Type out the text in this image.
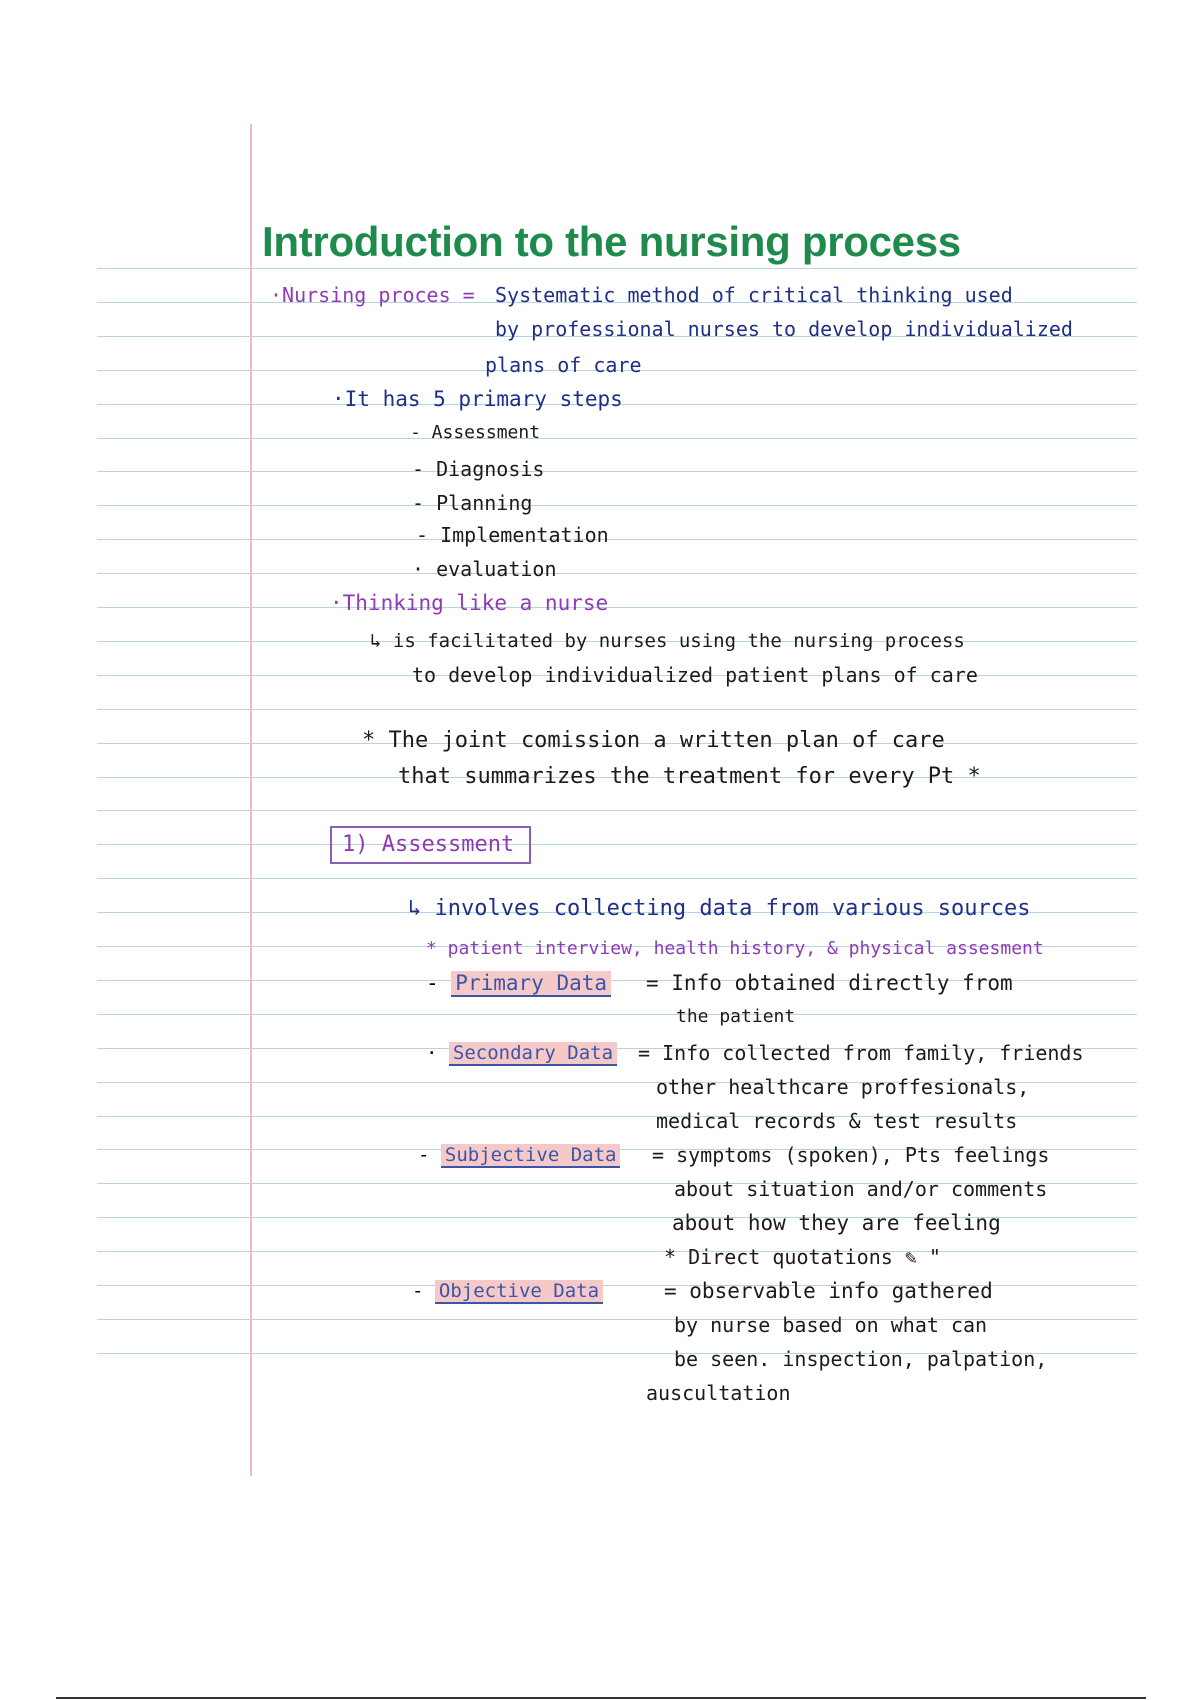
Introduction to the nursing process
·Nursing proces = Systematic method of critical thinking used
by professional nurses to develop individualized
plans of care
·It has 5 primary steps
- Assessment
- Diagnosis
- Planning
- Implementation
· evaluation
·Thinking like a nurse
↳ is facilitated by nurses using the nursing process
to develop individualized patient plans of care
* The joint comission a written plan of care
that summarizes the treatment for every Pt *
1) Assessment
↳ involves collecting data from various sources
* patient interview, health history, & physical assesment
- Primary Data = Info obtained directly from
the patient
· Secondary Data = Info collected from family, friends
other healthcare proffesionals,
medical records & test results
- Subjective Data = symptoms (spoken), Pts feelings
about situation and/or comments
about how they are feeling
* Direct quotations ✎ "
- Objective Data	= observable info gathered
by nurse based on what can
be seen. inspection, palpation,
auscultation
